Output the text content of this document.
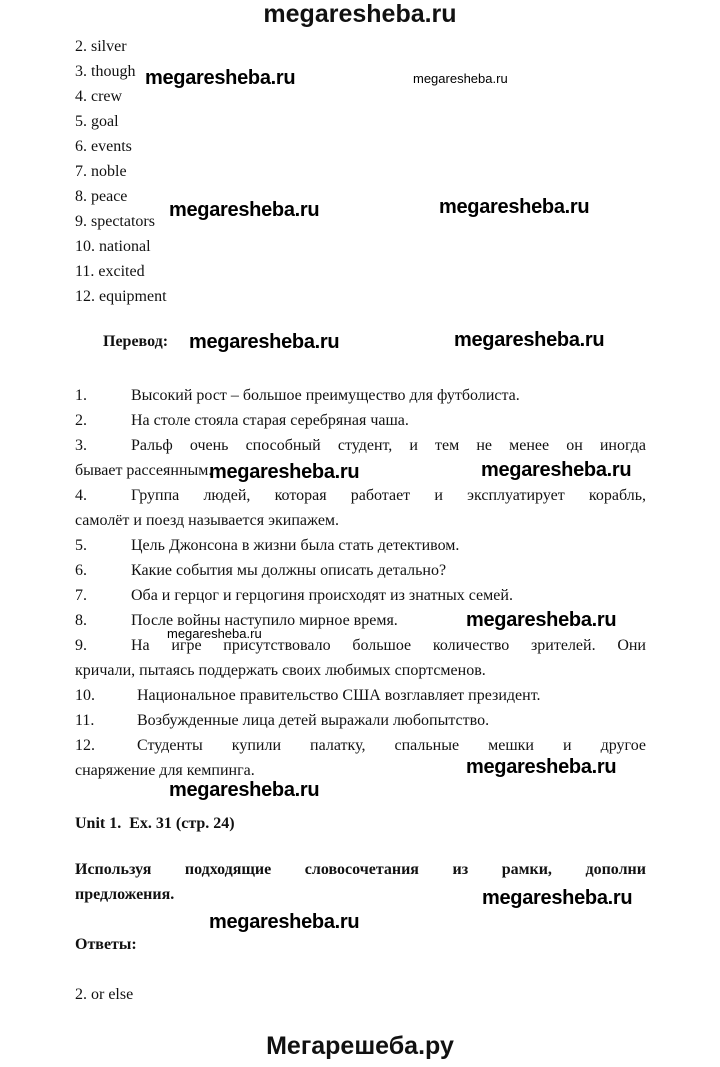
megaresheba.ru
2. silver
3. though
4. crew
5. goal
6. events
7. noble
8. peace
9. spectators
10. national
11. excited
12. equipment
Перевод:
1.	Высокий рост – большое преимущество для футболиста.
2.	На столе стояла старая серебряная чаша.
3.	Ральф очень способный студент, и тем не менее он иногда
бывает рассеянным.
4.	Группа людей, которая работает и эксплуатирует корабль,
самолёт и поезд называется экипажем.
5.	Цель Джонсона в жизни была стать детективом.
6.	Какие события мы должны описать детально?
7.	Оба и герцог и герцогиня происходят из знатных семей.
8.	После войны наступило мирное время.
9.	На игре присутствовало большое количество зрителей. Они
кричали, пытаясь поддержать своих любимых спортсменов.
10.	Национальное правительство США возглавляет президент.
11.	Возбужденные лица детей выражали любопытство.
12.	Студенты купили палатку, спальные мешки и другое
снаряжение для кемпинга.
Unit 1.  Ex. 31 (стр. 24)
Используя подходящие словосочетания из рамки, дополни
предложения.
Ответы:
2. or else
megaresheba.ru	megaresheba.ru
megaresheba.ru	megaresheba.ru
megaresheba.ru	megaresheba.ru
megaresheba.ru	megaresheba.ru
megaresheba.ru
megaresheba.ru
megaresheba.ru
megaresheba.ru
megaresheba.ru
megaresheba.ru
Мегарешеба.ру
